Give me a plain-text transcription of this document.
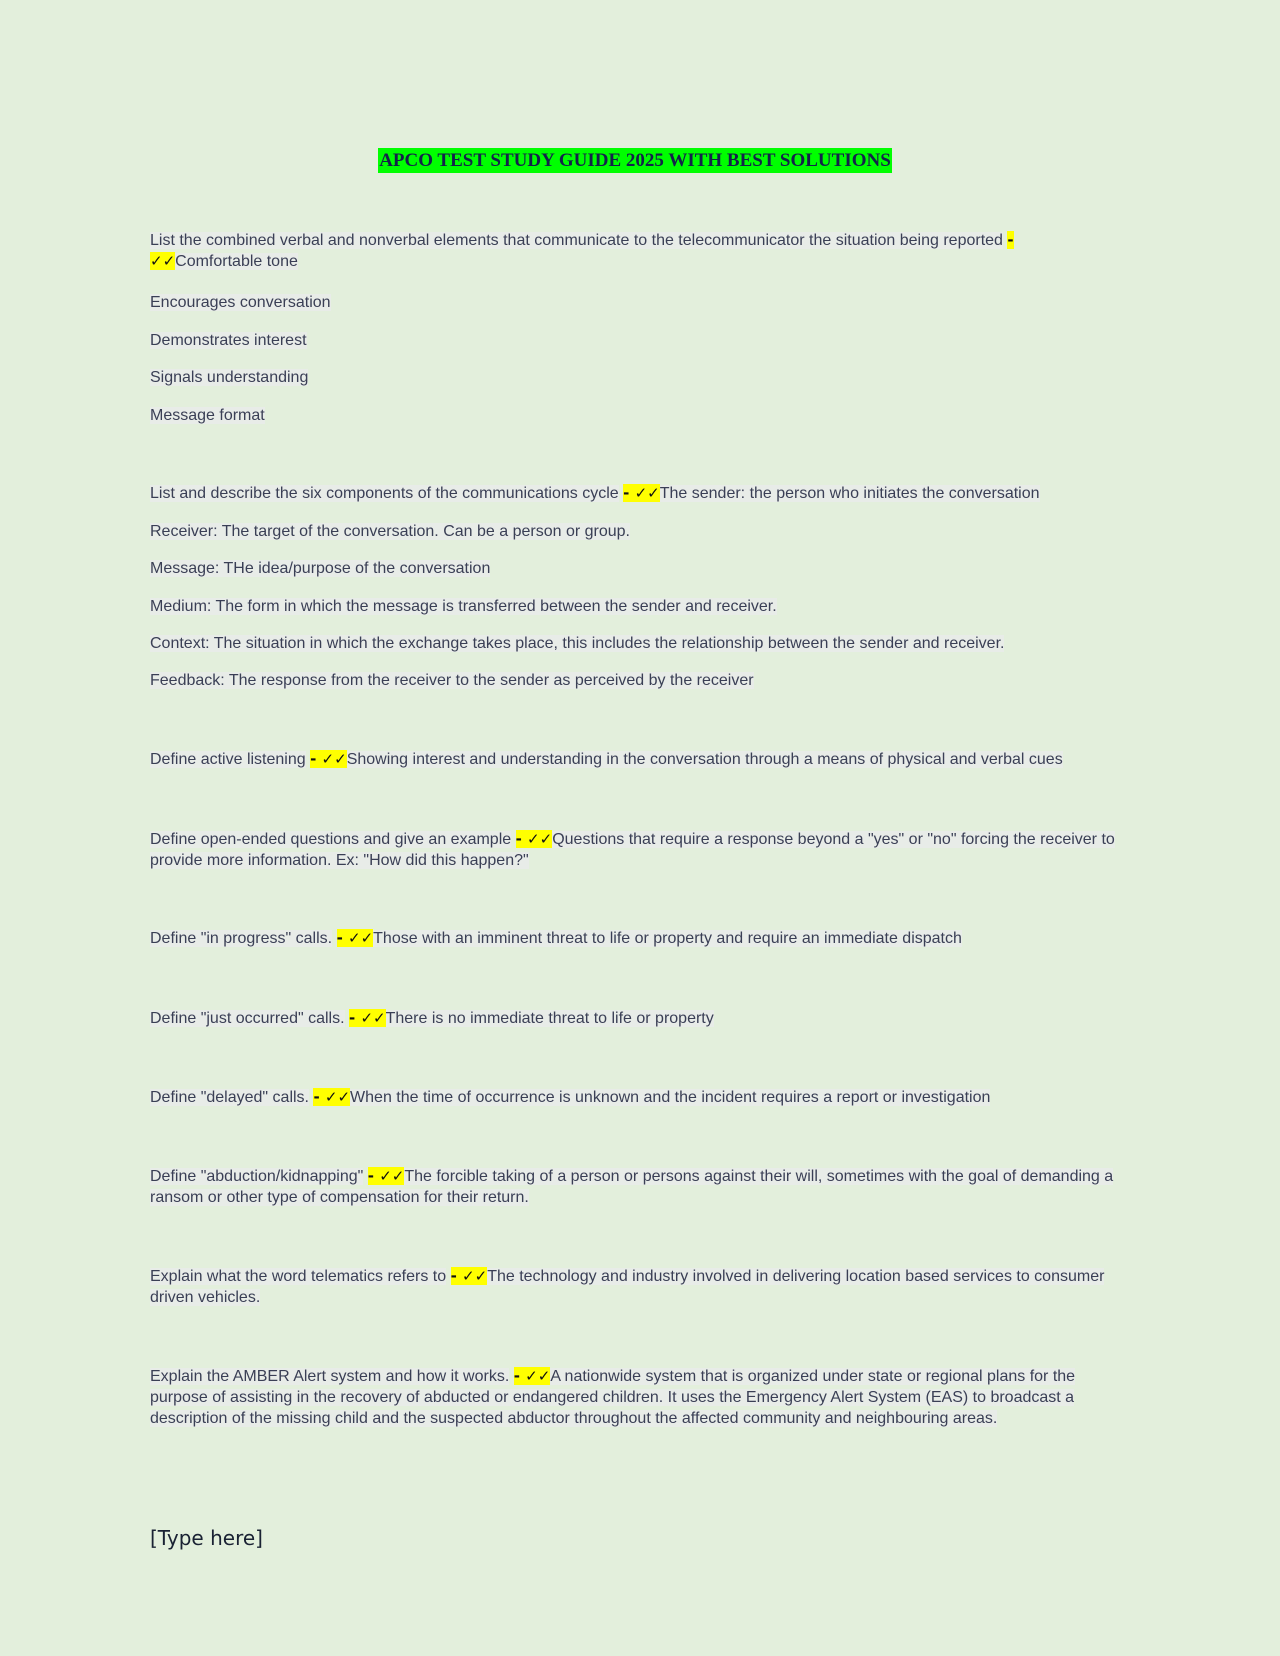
APCO TEST STUDY GUIDE 2025 WITH BEST SOLUTIONS

List the combined verbal and nonverbal elements that communicate to the telecommunicator the situation being reported - ✓✓Comfortable tone

Encourages conversation

Demonstrates interest

Signals understanding

Message format

List and describe the six components of the communications cycle - ✓✓The sender: the person who initiates the conversation

Receiver: The target of the conversation. Can be a person or group.

Message: THe idea/purpose of the conversation

Medium: The form in which the message is transferred between the sender and receiver.

Context: The situation in which the exchange takes place, this includes the relationship between the sender and receiver.

Feedback: The response from the receiver to the sender as perceived by the receiver

Define active listening - ✓✓Showing interest and understanding in the conversation through a means of physical and verbal cues

Define open-ended questions and give an example - ✓✓Questions that require a response beyond a "yes" or "no" forcing the receiver to provide more information. Ex: "How did this happen?"

Define "in progress" calls. - ✓✓Those with an imminent threat to life or property and require an immediate dispatch

Define "just occurred" calls. - ✓✓There is no immediate threat to life or property

Define "delayed" calls. - ✓✓When the time of occurrence is unknown and the incident requires a report or investigation

Define "abduction/kidnapping" - ✓✓The forcible taking of a person or persons against their will, sometimes with the goal of demanding a ransom or other type of compensation for their return.

Explain what the word telematics refers to - ✓✓The technology and industry involved in delivering location based services to consumer driven vehicles.

Explain the AMBER Alert system and how it works. - ✓✓A nationwide system that is organized under state or regional plans for the purpose of assisting in the recovery of abducted or endangered children. It uses the Emergency Alert System (EAS) to broadcast a description of the missing child and the suspected abductor throughout the affected community and neighbouring areas.

[Type here]
